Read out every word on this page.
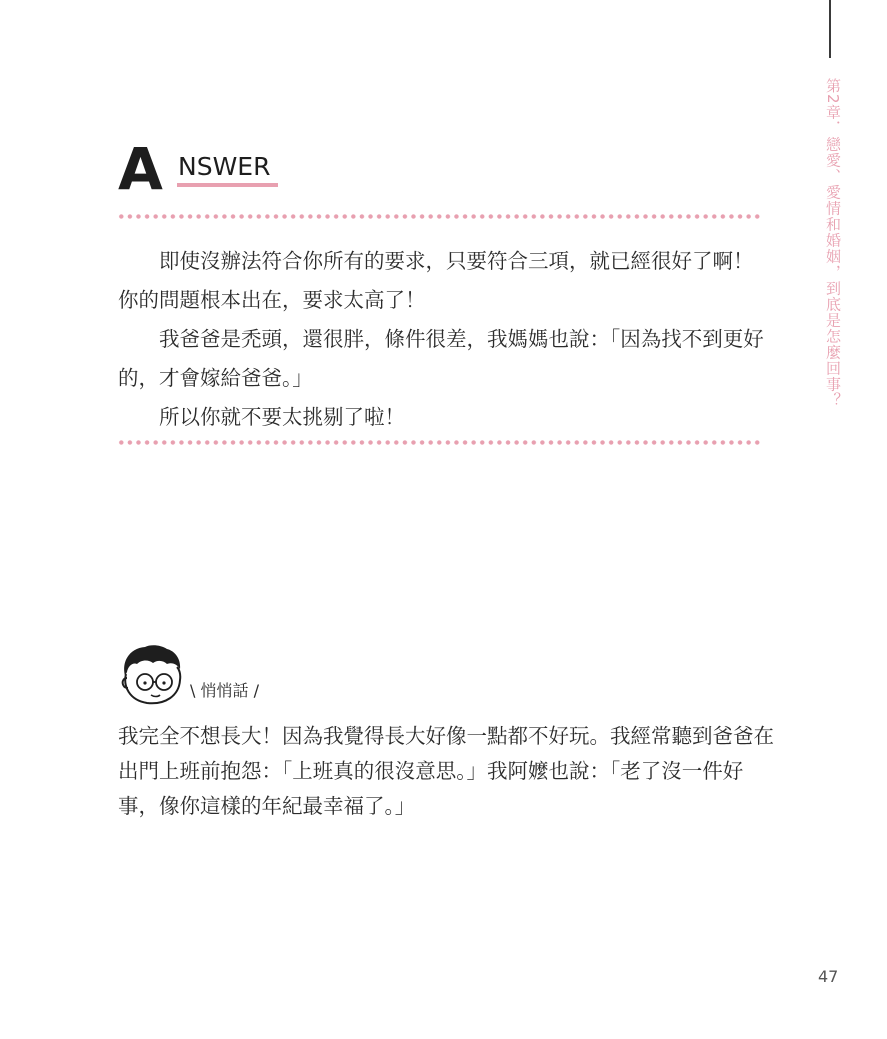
第2章．戀愛、愛情和婚姻，到底是怎麼回事？
A NSWER

即使沒辦法符合你所有的要求，只要符合三項，就已經很好了啊！你的問題根本出在，要求太高了！

我爸爸是禿頭，還很胖，條件很差，我媽媽也說：「因為找不到更好的，才會嫁給爸爸。」

所以你就不要太挑剔了啦！

\ 悄悄話 /

我完全不想長大！因為我覺得長大好像一點都不好玩。我經常聽到爸爸在出門上班前抱怨：「上班真的很沒意思。」我阿嬤也說：「老了沒一件好事，像你這樣的年紀最幸福了。」

47
